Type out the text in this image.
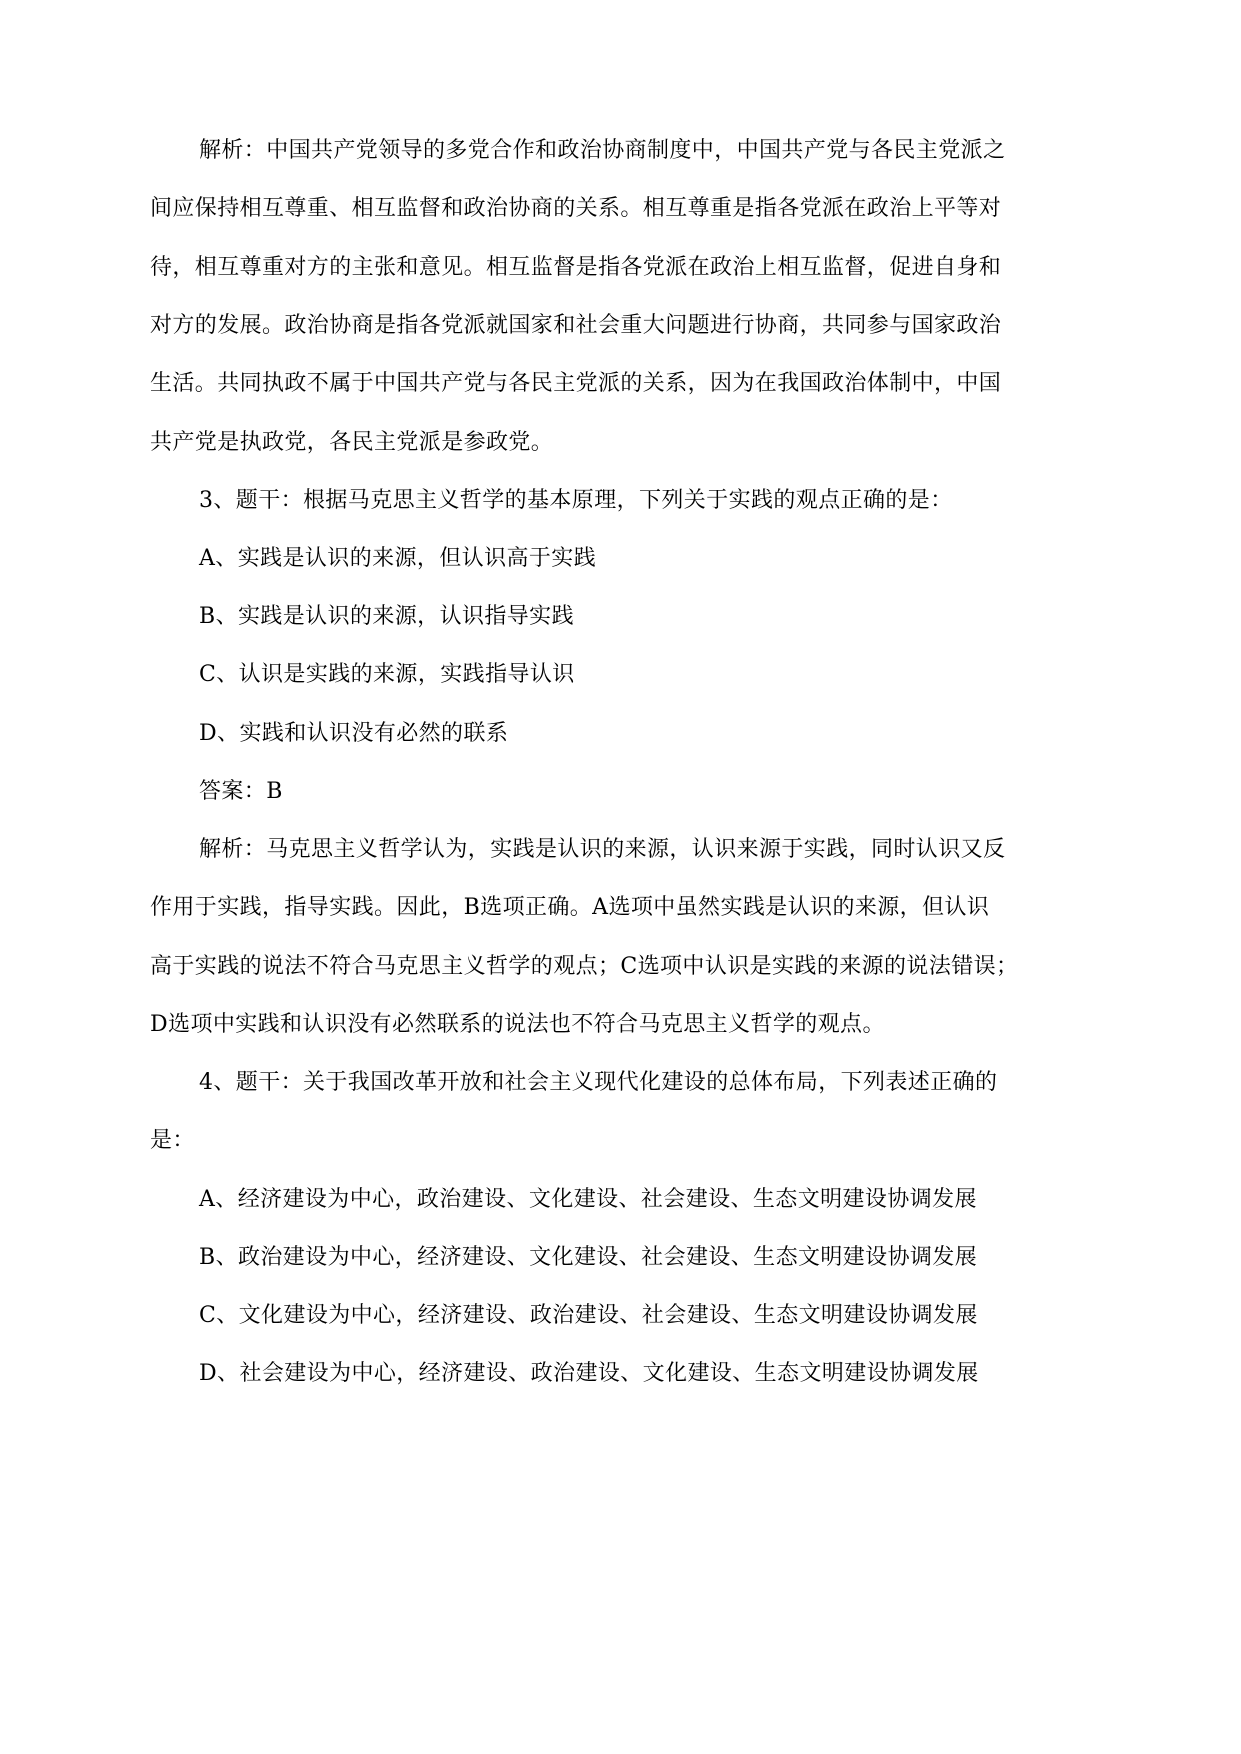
解析：中国共产党领导的多党合作和政治协商制度中，中国共产党与各民主党派之
间应保持相互尊重、相互监督和政治协商的关系。相互尊重是指各党派在政治上平等对
待，相互尊重对方的主张和意见。相互监督是指各党派在政治上相互监督，促进自身和
对方的发展。政治协商是指各党派就国家和社会重大问题进行协商，共同参与国家政治
生活。共同执政不属于中国共产党与各民主党派的关系，因为在我国政治体制中，中国
共产党是执政党，各民主党派是参政党。
3、题干：根据马克思主义哲学的基本原理，下列关于实践的观点正确的是：
A、实践是认识的来源，但认识高于实践
B、实践是认识的来源，认识指导实践
C、认识是实践的来源，实践指导认识
D、实践和认识没有必然的联系
答案：B
解析：马克思主义哲学认为，实践是认识的来源，认识来源于实践，同时认识又反
作用于实践，指导实践。因此，B选项正确。A选项中虽然实践是认识的来源，但认识
高于实践的说法不符合马克思主义哲学的观点；C选项中认识是实践的来源的说法错误；
D选项中实践和认识没有必然联系的说法也不符合马克思主义哲学的观点。
4、题干：关于我国改革开放和社会主义现代化建设的总体布局，下列表述正确的
是：
A、经济建设为中心，政治建设、文化建设、社会建设、生态文明建设协调发展
B、政治建设为中心，经济建设、文化建设、社会建设、生态文明建设协调发展
C、文化建设为中心，经济建设、政治建设、社会建设、生态文明建设协调发展
D、社会建设为中心，经济建设、政治建设、文化建设、生态文明建设协调发展
